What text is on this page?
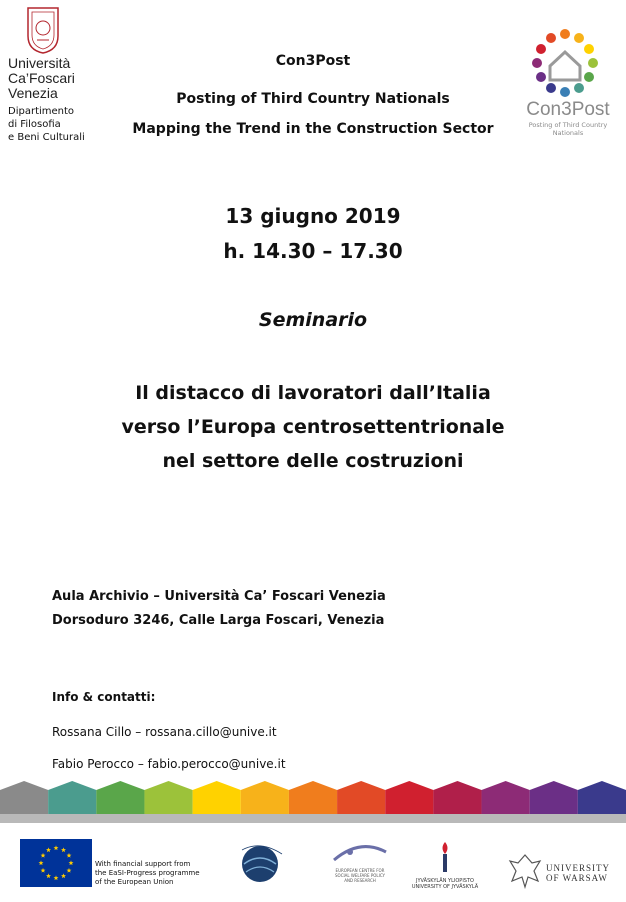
Università
Ca’Foscari
Venezia
Dipartimento
di Filosofia
e Beni Culturali
Con3Post
Posting of Third Country Nationals
Con3Post
Posting of Third Country Nationals
Mapping the Trend in the Construction Sector
13 giugno 2019
h. 14.30 – 17.30
Seminario
Il distacco di lavoratori dall’Italia
verso l’Europa centrosettentrionale
nel settore delle costruzioni
Aula Archivio – Università Ca’ Foscari Venezia
Dorsoduro 3246, Calle Larga Foscari, Venezia
Info & contatti:
Rossana Cillo – rossana.cillo@unive.it
Fabio Perocco – fabio.perocco@unive.it
With financial support from
the EaSI-Progress programme
of the European Union
EUROPEAN CENTRE FOR
SOCIAL WELFARE POLICY
AND RESEARCH	JYVÄSKYLÄN YLIOPISTO
UNIVERSITY OF JYVÄSKYLÄ
UNIVERSITY
OF WARSAW
